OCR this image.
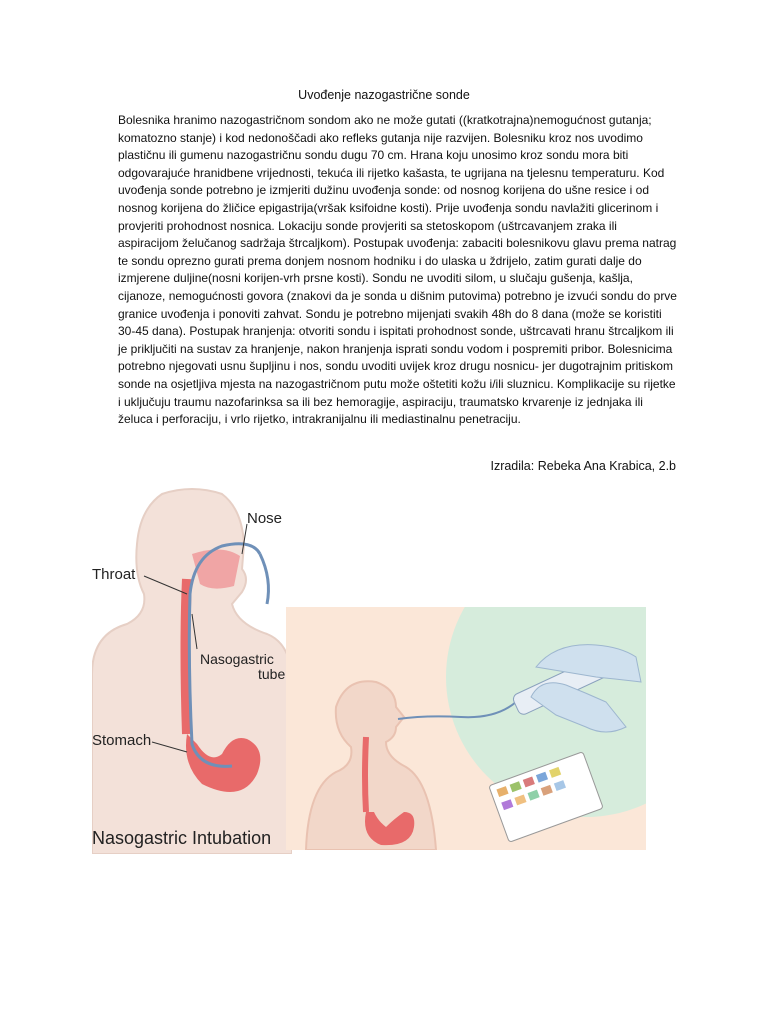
Uvođenje nazogastrične sonde
Bolesnika hranimo nazogastričnom sondom ako ne može gutati ((kratkotrajna)nemogućnost gutanja; komatozno stanje) i kod nedonoščadi ako refleks gutanja nije razvijen. Bolesniku kroz nos uvodimo plastičnu ili gumenu nazogastričnu sondu dugu 70 cm. Hrana koju unosimo kroz sondu mora biti odgovarajuće hranidbene vrijednosti, tekuća ili rijetko kašasta, te ugrijana na tjelesnu temperaturu. Kod uvođenja sonde potrebno je izmjeriti dužinu uvođenja sonde: od nosnog korijena do ušne resice i od nosnog korijena do žličice epigastrija(vršak ksifoidne kosti). Prije uvođenja sondu navlažiti glicerinom i provjeriti prohodnost nosnica. Lokaciju sonde provjeriti sa stetoskopom (uštrcavanjem zraka ili aspiracijom želučanog sadržaja štrcaljkom). Postupak uvođenja: zabaciti bolesnikovu glavu prema natrag te sondu oprezno gurati prema donjem nosnom hodniku i do ulaska u ždrijelo, zatim gurati dalje do izmjerene duljine(nosni korijen-vrh prsne kosti). Sondu ne uvoditi silom, u slučaju gušenja, kašlja, cijanoze, nemogućnosti govora (znakovi da je sonda u dišnim putovima) potrebno je izvući sondu do prve granice uvođenja i ponoviti zahvat. Sondu je potrebno mijenjati svakih 48h do 8 dana (može se koristiti 30-45 dana). Postupak hranjenja: otvoriti sondu i ispitati prohodnost sonde, uštrcavati hranu štrcaljkom ili je priključiti na sustav za hranjenje, nakon hranjenja isprati sondu vodom i pospremiti pribor. Bolesnicima potrebno njegovati usnu šupljinu i nos, sondu uvoditi uvijek kroz drugu nosnicu- jer dugotrajnim pritiskom sonde na osjetljiva mjesta na nazogastričnom putu može oštetiti kožu i/ili sluznicu. Komplikacije su rijetke i uključuju traumu nazofarinksa sa ili bez hemoragije, aspiraciju, traumatsko krvarenje iz jednjaka ili želuca i perforaciju, i vrlo rijetko, intrakranijalnu ili mediastinalnu penetraciju.
Izradila: Rebeka Ana Krabica, 2.b
Nose
Throat
Nasogastric
tube
Stomach
Nasogastric Intubation
